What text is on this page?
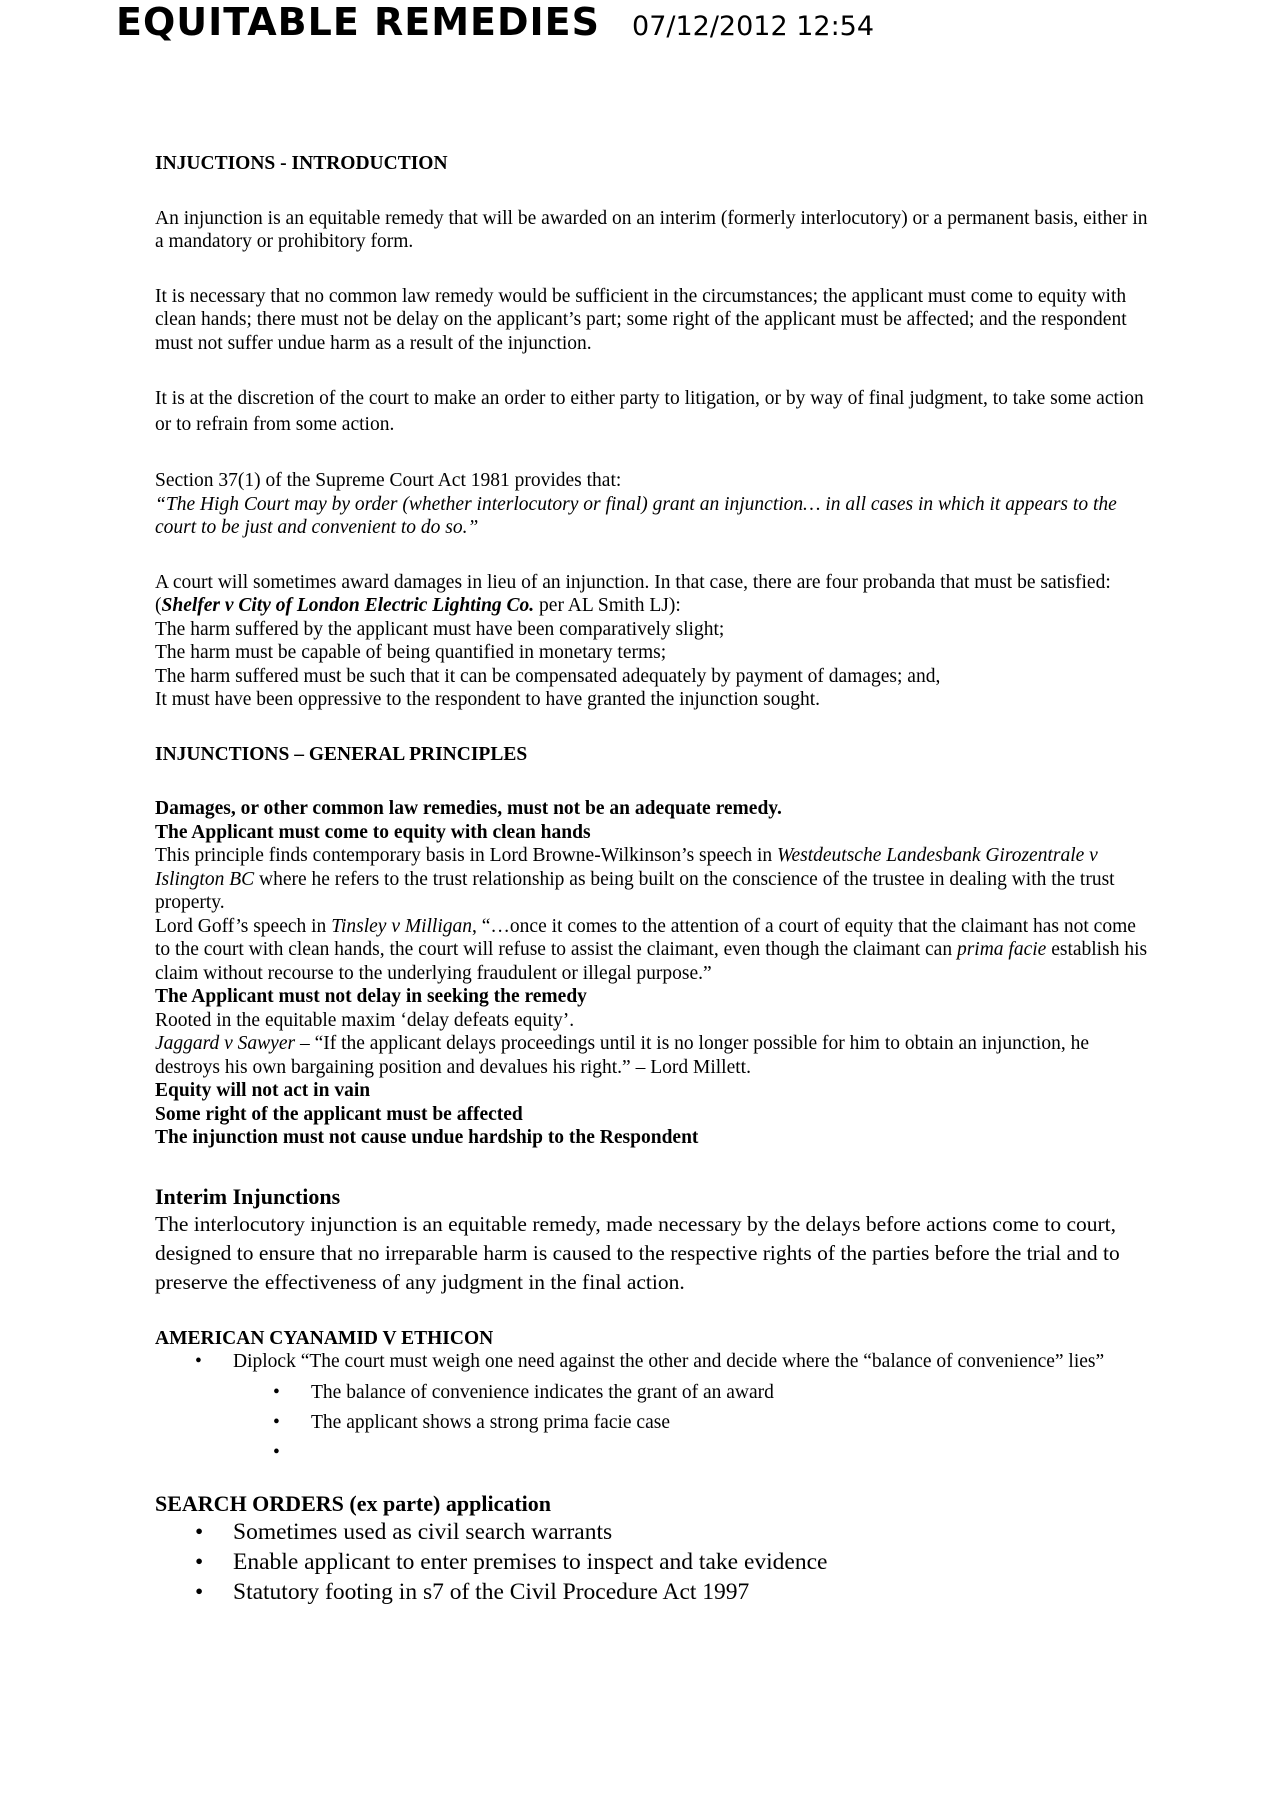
EQUITABLE REMEDIES 07/12/2012 12:54

INJUCTIONS - INTRODUCTION

An injunction is an equitable remedy that will be awarded on an interim (formerly interlocutory) or a permanent basis, either in a mandatory or prohibitory form.

It is necessary that no common law remedy would be sufficient in the circumstances; the applicant must come to equity with clean hands; there must not be delay on the applicant’s part; some right of the applicant must be affected; and the respondent must not suffer undue harm as a result of the injunction.

It is at the discretion of the court to make an order to either party to litigation, or by way of final judgment, to take some action or to refrain from some action.

Section 37(1) of the Supreme Court Act 1981 provides that:

“The High Court may by order (whether interlocutory or final) grant an injunction… in all cases in which it appears to the court to be just and convenient to do so.”

A court will sometimes award damages in lieu of an injunction. In that case, there are four probanda that must be satisfied: (Shelfer v City of London Electric Lighting Co. per AL Smith LJ):

The harm suffered by the applicant must have been comparatively slight;

The harm must be capable of being quantified in monetary terms;

The harm suffered must be such that it can be compensated adequately by payment of damages; and,

It must have been oppressive to the respondent to have granted the injunction sought.

INJUNCTIONS – GENERAL PRINCIPLES

Damages, or other common law remedies, must not be an adequate remedy.

The Applicant must come to equity with clean hands

This principle finds contemporary basis in Lord Browne-Wilkinson’s speech in Westdeutsche Landesbank Girozentrale v Islington BC where he refers to the trust relationship as being built on the conscience of the trustee in dealing with the trust property.

Lord Goff’s speech in Tinsley v Milligan, “…once it comes to the attention of a court of equity that the claimant has not come to the court with clean hands, the court will refuse to assist the claimant, even though the claimant can prima facie establish his claim without recourse to the underlying fraudulent or illegal purpose.”

The Applicant must not delay in seeking the remedy

Rooted in the equitable maxim ‘delay defeats equity’.

Jaggard v Sawyer – “If the applicant delays proceedings until it is no longer possible for him to obtain an injunction, he destroys his own bargaining position and devalues his right.” – Lord Millett.

Equity will not act in vain

Some right of the applicant must be affected

The injunction must not cause undue hardship to the Respondent

Interim Injunctions

The interlocutory injunction is an equitable remedy, made necessary by the delays before actions come to court, designed to ensure that no irreparable harm is caused to the respective rights of the parties before the trial and to preserve the effectiveness of any judgment in the final action.

AMERICAN CYANAMID V ETHICON

• Diplock “The court must weigh one need against the other and decide where the “balance of convenience” lies”
• The balance of convenience indicates the grant of an award
• The applicant shows a strong prima facie case
•

SEARCH ORDERS (ex parte) application

• Sometimes used as civil search warrants
• Enable applicant to enter premises to inspect and take evidence
• Statutory footing in s7 of the Civil Procedure Act 1997
